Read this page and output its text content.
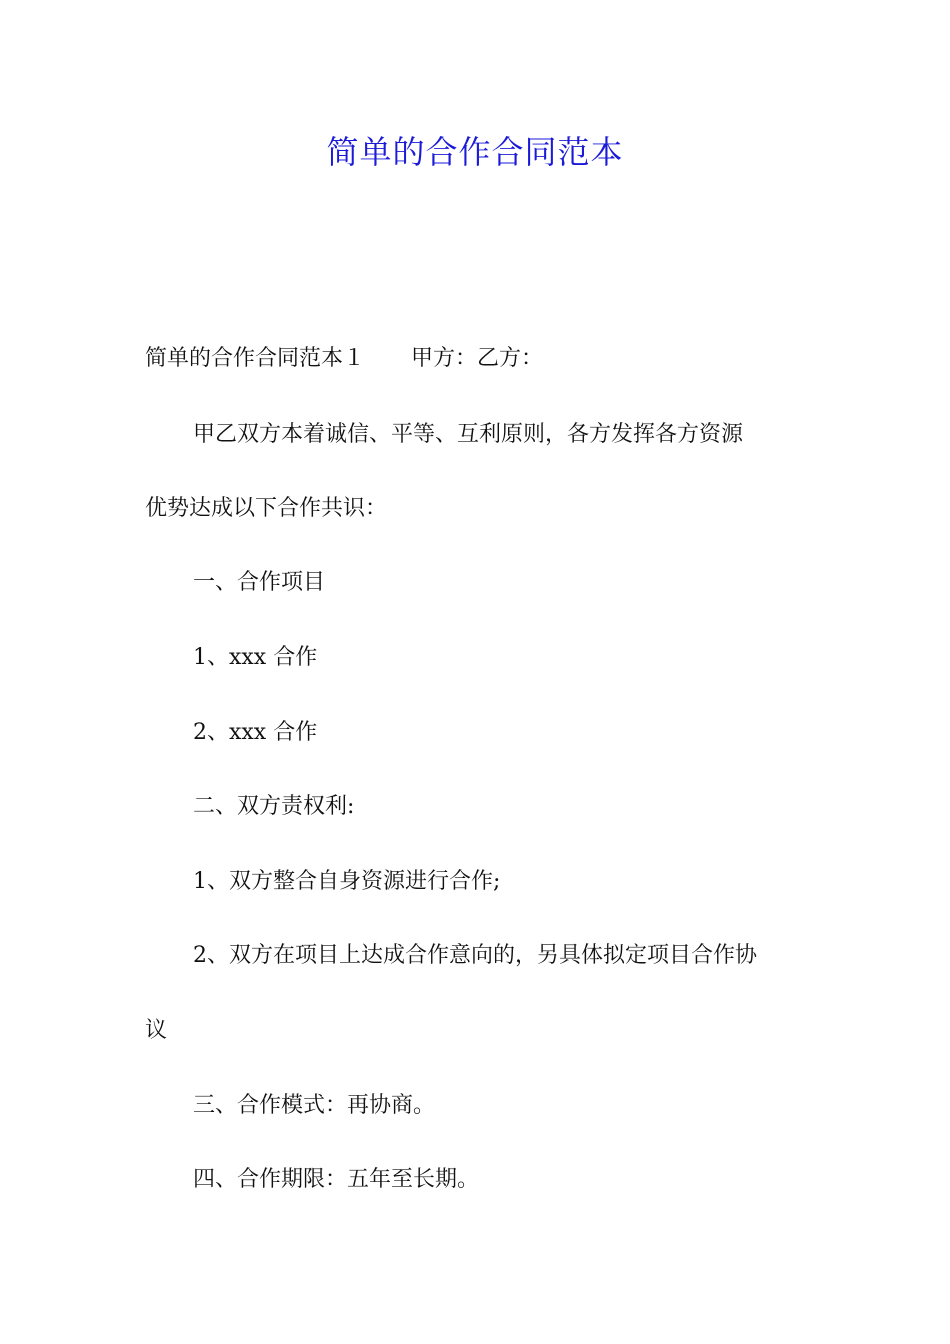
简单的合作合同范本

简单的合作合同范本１ 甲方：乙方：

甲乙双方本着诚信、平等、互利原则，各方发挥各方资源

优势达成以下合作共识：

一、合作项目

1、xxx 合作

2、xxx 合作

二、双方责权利:

1、双方整合自身资源进行合作;

2、双方在项目上达成合作意向的，另具体拟定项目合作协

议

三、合作模式：再协商。

四、合作期限：五年至长期。
